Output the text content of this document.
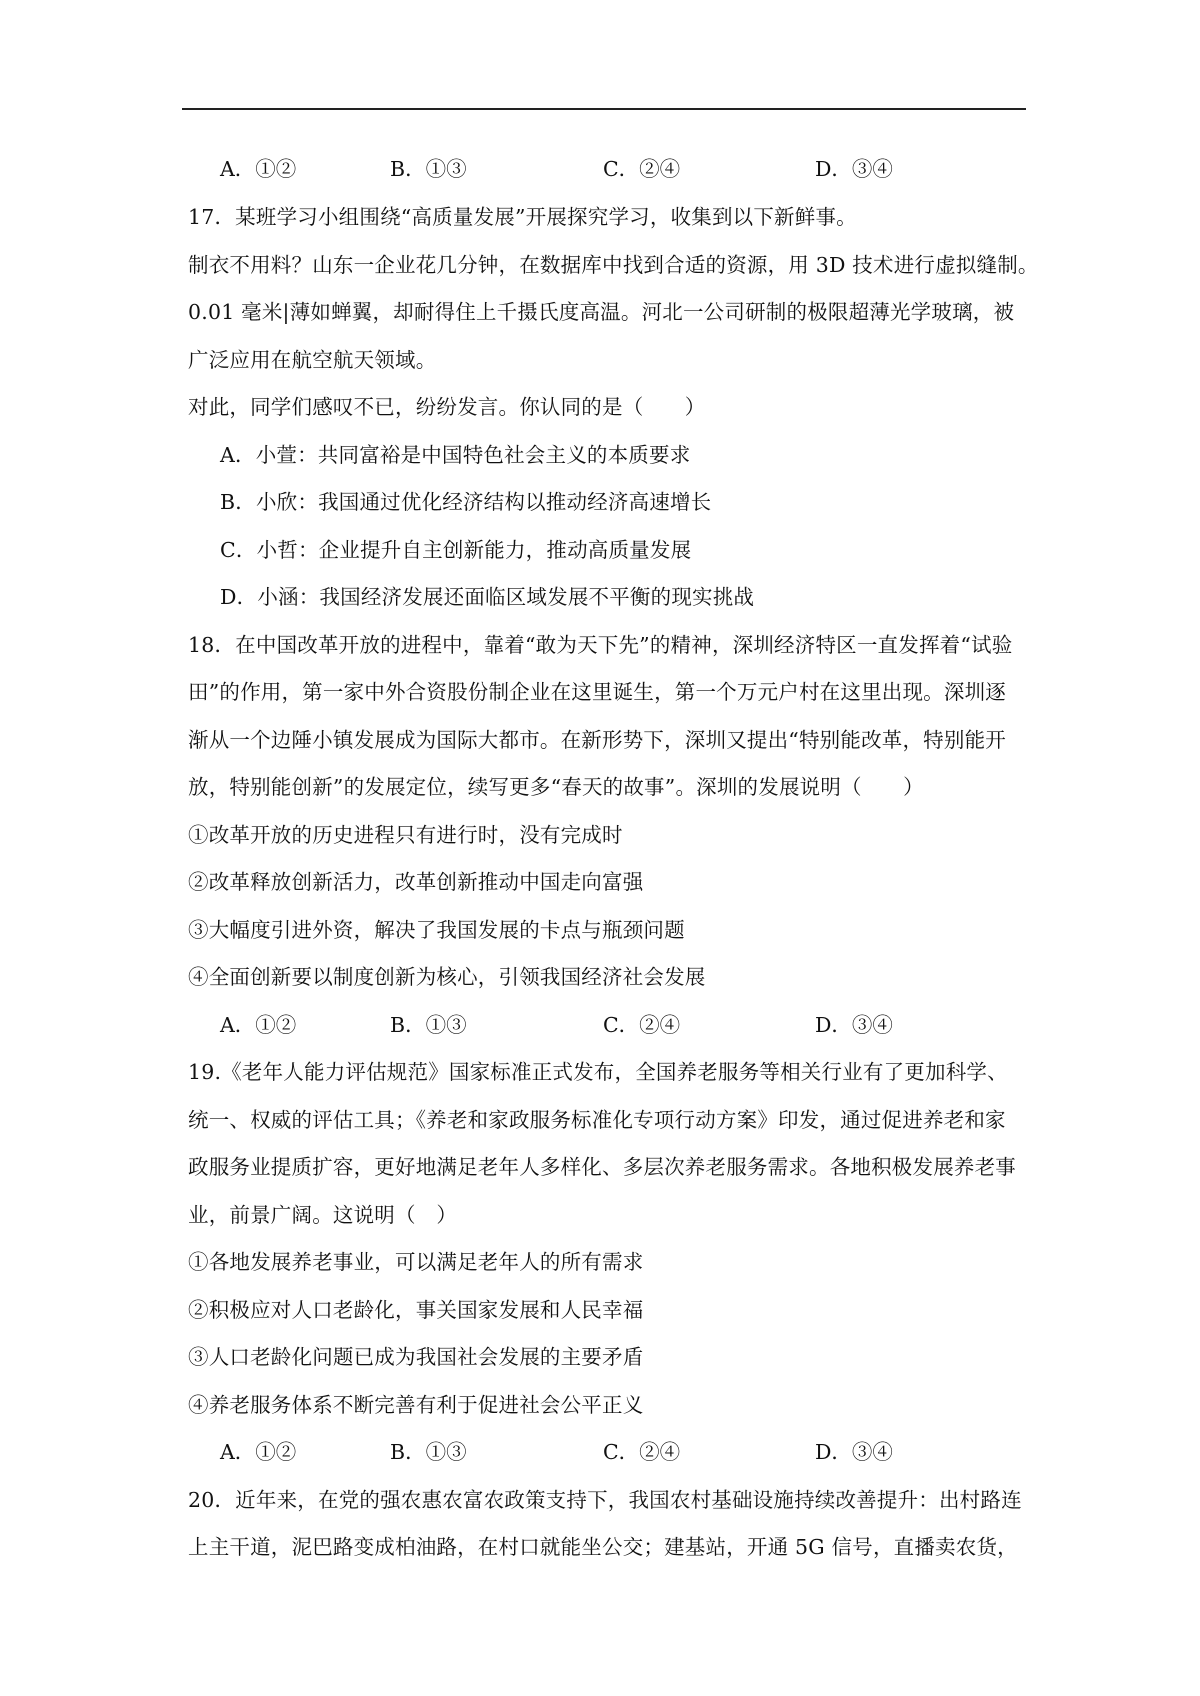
A．①②	B．①③	C．②④	D．③④
17．某班学习小组围绕“高质量发展”开展探究学习，收集到以下新鲜事。
制衣不用料？山东一企业花几分钟，在数据库中找到合适的资源，用 3D 技术进行虚拟缝制。
0.01 毫米|薄如蝉翼，却耐得住上千摄氏度高温。河北一公司研制的极限超薄光学玻璃，被
广泛应用在航空航天领域。
对此，同学们感叹不已，纷纷发言。你认同的是（　　）
A．小萱：共同富裕是中国特色社会主义的本质要求
B．小欣：我国通过优化经济结构以推动经济高速增长
C．小哲：企业提升自主创新能力，推动高质量发展
D．小涵：我国经济发展还面临区域发展不平衡的现实挑战
18．在中国改革开放的进程中，靠着“敢为天下先”的精神，深圳经济特区一直发挥着“试验
田”的作用，第一家中外合资股份制企业在这里诞生，第一个万元户村在这里出现。深圳逐
渐从一个边陲小镇发展成为国际大都市。在新形势下，深圳又提出“特别能改革，特别能开
放，特别能创新”的发展定位，续写更多“春天的故事”。深圳的发展说明（　　）
①改革开放的历史进程只有进行时，没有完成时
②改革释放创新活力，改革创新推动中国走向富强
③大幅度引进外资，解决了我国发展的卡点与瓶颈问题
④全面创新要以制度创新为核心，引领我国经济社会发展
A．①②	B．①③	C．②④	D．③④
19.《老年人能力评估规范》国家标准正式发布，全国养老服务等相关行业有了更加科学、
统一、权威的评估工具；《养老和家政服务标准化专项行动方案》印发，通过促进养老和家
政服务业提质扩容，更好地满足老年人多样化、多层次养老服务需求。各地积极发展养老事
业，前景广阔。这说明（　）
①各地发展养老事业，可以满足老年人的所有需求
②积极应对人口老龄化，事关国家发展和人民幸福
③人口老龄化问题已成为我国社会发展的主要矛盾
④养老服务体系不断完善有利于促进社会公平正义
A．①②	B．①③	C．②④	D．③④
20．近年来，在党的强农惠农富农政策支持下，我国农村基础设施持续改善提升：出村路连
上主干道，泥巴路变成柏油路，在村口就能坐公交；建基站，开通 5G 信号，直播卖农货，
